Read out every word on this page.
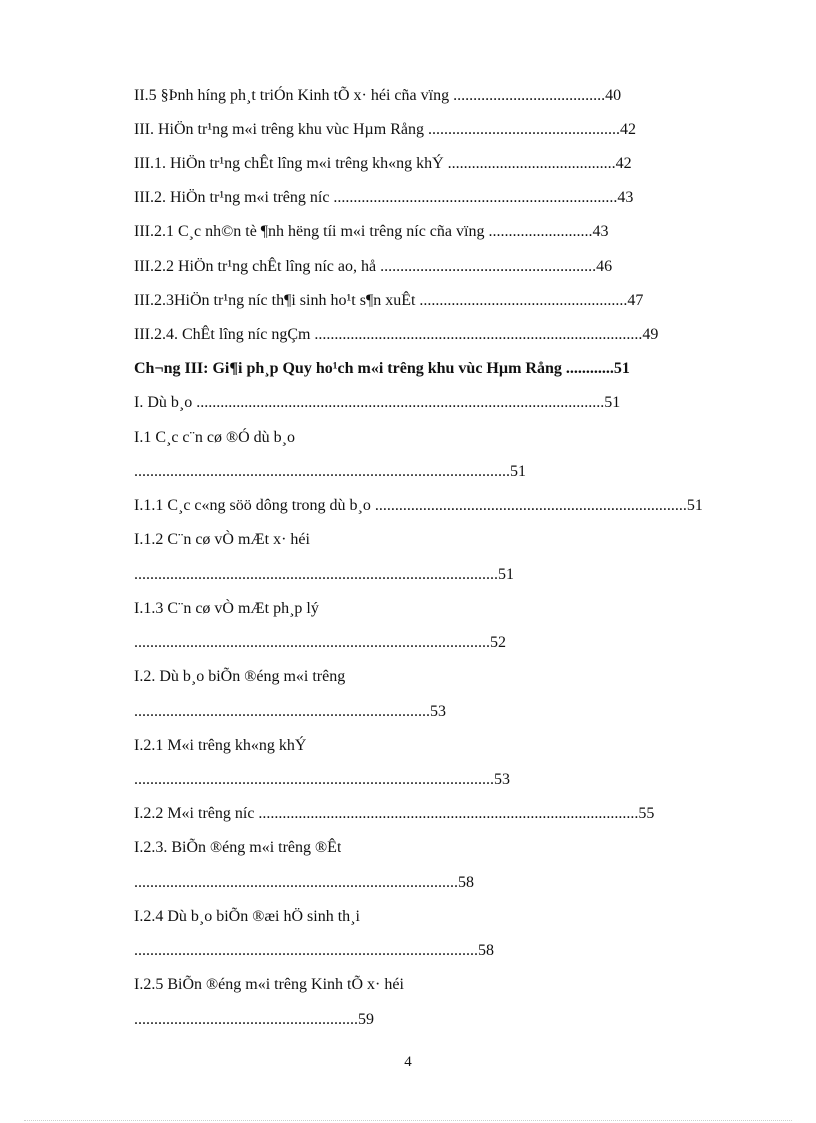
II.5 §Þnh híng ph¸t triÓn Kinh tÕ x· héi cña vïng ......................................40
III. HiÖn tr¹ng m«i trêng khu vùc Hµm Rång ................................................42
III.1. HiÖn tr¹ng chÊt lîng m«i trêng kh«ng khÝ ..........................................42
III.2. HiÖn tr¹ng m«i trêng níc .......................................................................43
III.2.1 C¸c nh©n tè ¶nh hëng tíi m«i trêng níc cña vïng ..........................43
III.2.2 HiÖn tr¹ng chÊt lîng níc ao, hå ......................................................46
III.2.3HiÖn tr¹ng níc th¶i sinh ho¹t s¶n xuÊt ....................................................47
III.2.4. ChÊt lîng níc ngÇm ..................................................................................49
Ch¬ng III: Gi¶i ph¸p Quy ho¹ch m«i trêng khu vùc Hµm Rång ............51
I. Dù b¸o ......................................................................................................51
I.1 C¸c c¨n cø ®Ó dù b¸o
..............................................................................................51
I.1.1 C¸c c«ng söö dông trong dù b¸o ..............................................................................51
I.1.2 C¨n cø vÒ mÆt x· héi
...........................................................................................51
I.1.3 C¨n cø vÒ mÆt ph¸p lý
.........................................................................................52
I.2. Dù b¸o biÕn ®éng m«i trêng
..........................................................................53
I.2.1 M«i trêng kh«ng khÝ
..........................................................................................53
I.2.2 M«i trêng níc ...............................................................................................55
I.2.3. BiÕn ®éng m«i trêng ®Êt
.................................................................................58
I.2.4 Dù b¸o biÕn ®æi hÖ sinh th¸i
......................................................................................58
I.2.5 BiÕn ®éng m«i trêng Kinh tÕ x· héi
........................................................59
4
